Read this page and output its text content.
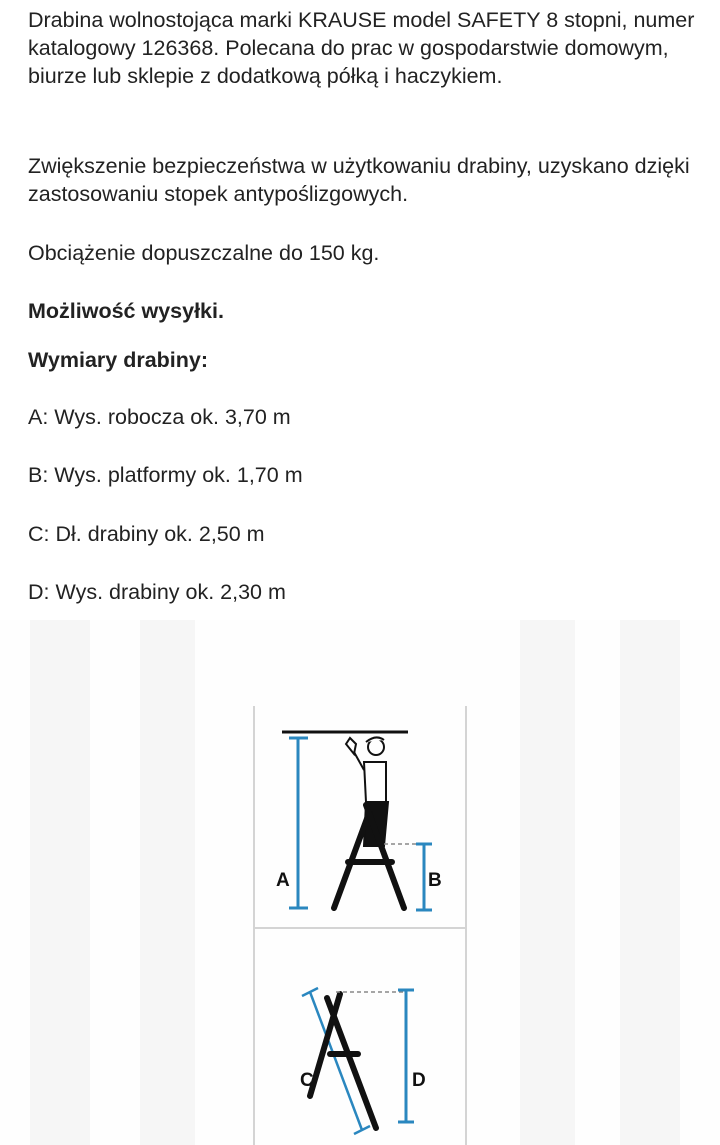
Drabina wolnostojąca marki KRAUSE model SAFETY 8 stopni, numer katalogowy 126368. Polecana do prac w gospodarstwie domowym, biurze lub sklepie z dodatkową półką i haczykiem.

Zwiększenie bezpieczeństwa w użytkowaniu drabiny, uzyskano dzięki zastosowaniu stopek antypoślizgowych.

Obciążenie dopuszczalne do 150 kg.

Możliwość wysyłki.

Wymiary drabiny:

A: Wys. robocza ok. 3,70 m

B: Wys. platformy ok. 1,70 m

C: Dł. drabiny ok. 2,50 m

D: Wys. drabiny ok. 2,30 m

A	B
C	D
